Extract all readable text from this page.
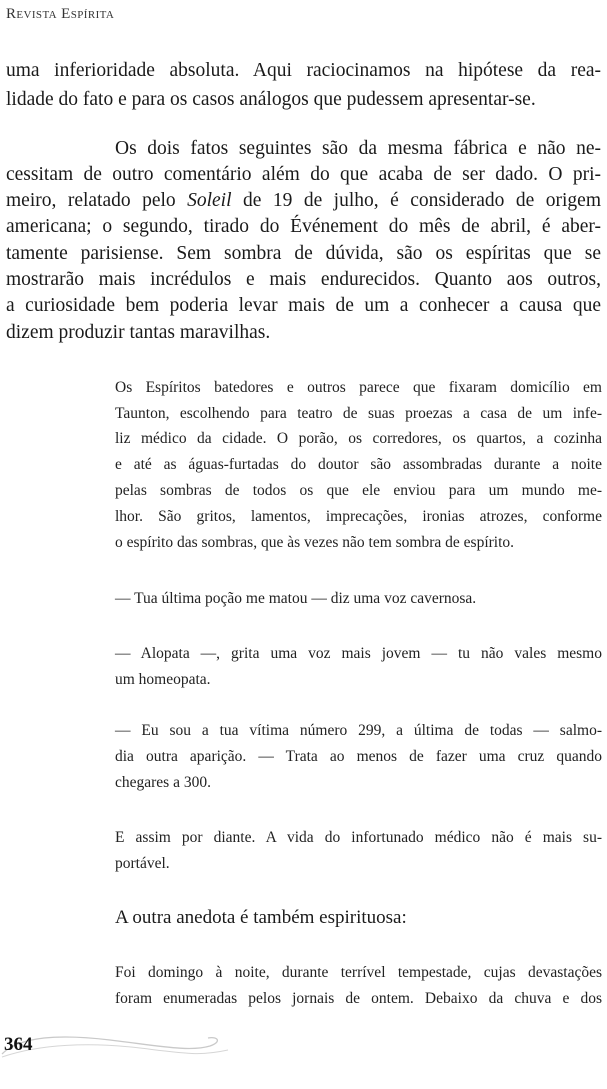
Revista Espírita
uma inferioridade absoluta. Aqui raciocinamos na hipótese da rea-
lidade do fato e para os casos análogos que pudessem apresentar-se.
Os dois fatos seguintes são da mesma fábrica e não ne-
cessitam de outro comentário além do que acaba de ser dado. O pri-
meiro, relatado pelo Soleil de 19 de julho, é considerado de origem
americana; o segundo, tirado do Événement do mês de abril, é aber-
tamente parisiense. Sem sombra de dúvida, são os espíritas que se
mostrarão mais incrédulos e mais endurecidos. Quanto aos outros,
a curiosidade bem poderia levar mais de um a conhecer a causa que
dizem produzir tantas maravilhas.
Os Espíritos batedores e outros parece que fixaram domicílio em
Taunton, escolhendo para teatro de suas proezas a casa de um infe-
liz médico da cidade. O porão, os corredores, os quartos, a cozinha
e até as águas-furtadas do doutor são assombradas durante a noite
pelas sombras de todos os que ele enviou para um mundo me-
lhor. São gritos, lamentos, imprecações, ironias atrozes, conforme
o espírito das sombras, que às vezes não tem sombra de espírito.
— Tua última poção me matou — diz uma voz cavernosa.
— Alopata —, grita uma voz mais jovem — tu não vales mesmo
um homeopata.
— Eu sou a tua vítima número 299, a última de todas — salmo-
dia outra aparição. — Trata ao menos de fazer uma cruz quando
chegares a 300.
E assim por diante. A vida do infortunado médico não é mais su-
portável.
A outra anedota é também espirituosa:
Foi domingo à noite, durante terrível tempestade, cujas devastações
foram enumeradas pelos jornais de ontem. Debaixo da chuva e dos
364
